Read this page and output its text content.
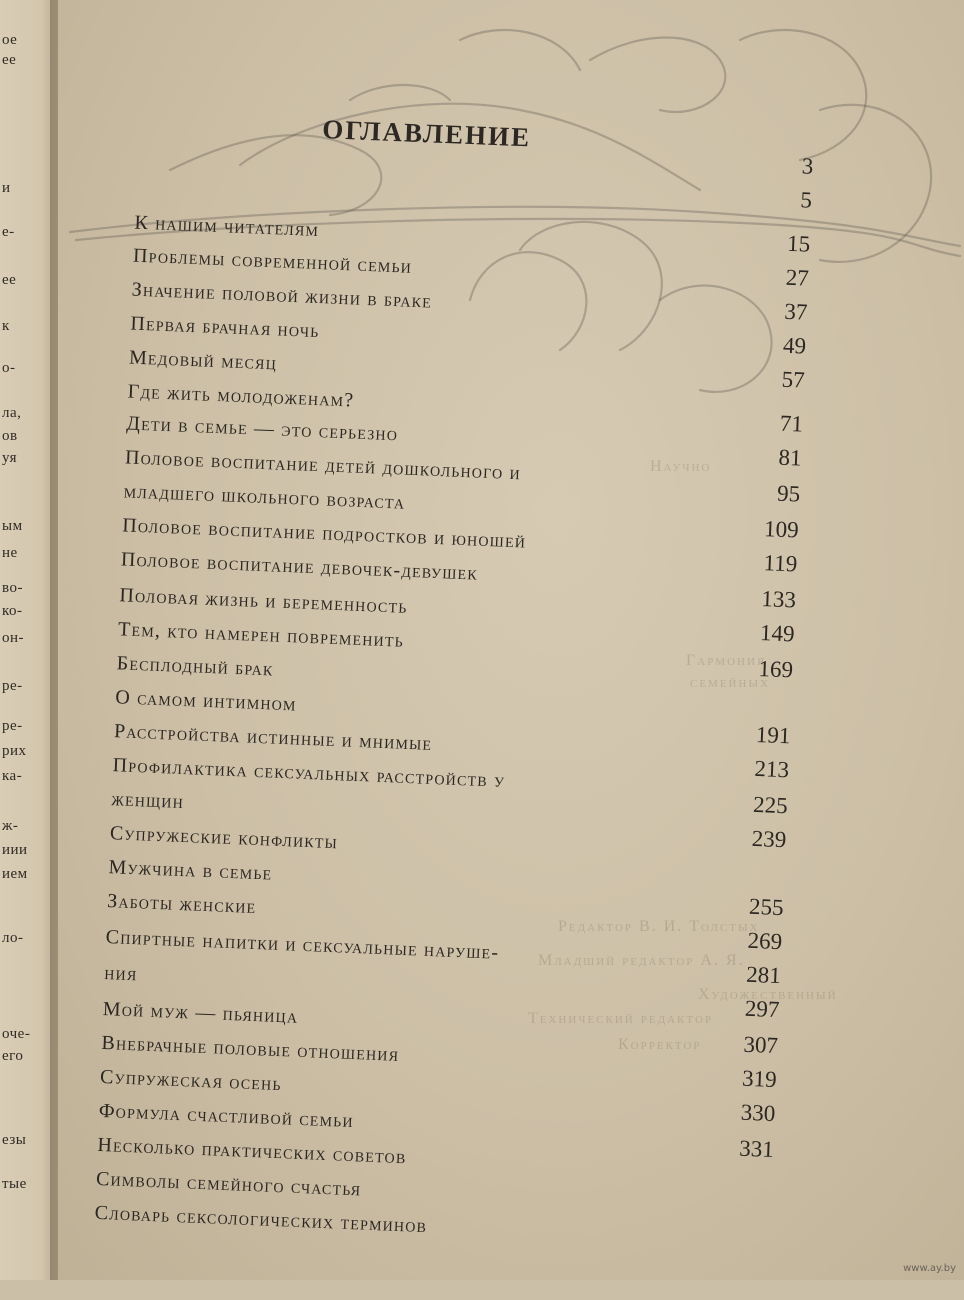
ое
ее
и
е-
ее
к
о-
ла,
ов
уя
ым
не
во-
ко-
он-
ре-
ре-
рих
ка-
ж-
иии
ием
ло-
оче-
его
езы
тые
Гармония
семейных
Научно
Редактор В. И. Толстых
Младший редактор А. Я.
Художественный
Технический редактор
Корректор
ОГЛАВЛЕНИЕ
3
5
К нашим читателям
15
Проблемы современной семьи	27
Значение половой жизни в браке	37
Первая брачная ночь
49
Медовый месяц
57
Где жить молодоженам?
Дети в семье — это серьезно
Половое воспитание детей дошкольного и
71
младшего школьного возраста
81
Половое воспитание подростков и юношей
95
Половое воспитание девочек-девушек
109
Половая жизнь и беременность
119
Тем, кто намерен повременить
133
Бесплодный брак
149
О самом интимном
Расстройства истинные и мнимые
169
Профилактика сексуальных расстройств у
женщин
191
Супружеские конфликты
213
Мужчина в семье
225
Заботы женские
239
Спиртные напитки и сексуальные наруше-
ния
Мой муж — пьяница
255
Внебрачные половые отношения
269
Супружеская осень
281
Формула счастливой семьи
297
Несколько практических советов
307
Символы семейного счастья
319
Словарь сексологических терминов
330
331
www.ay.by
